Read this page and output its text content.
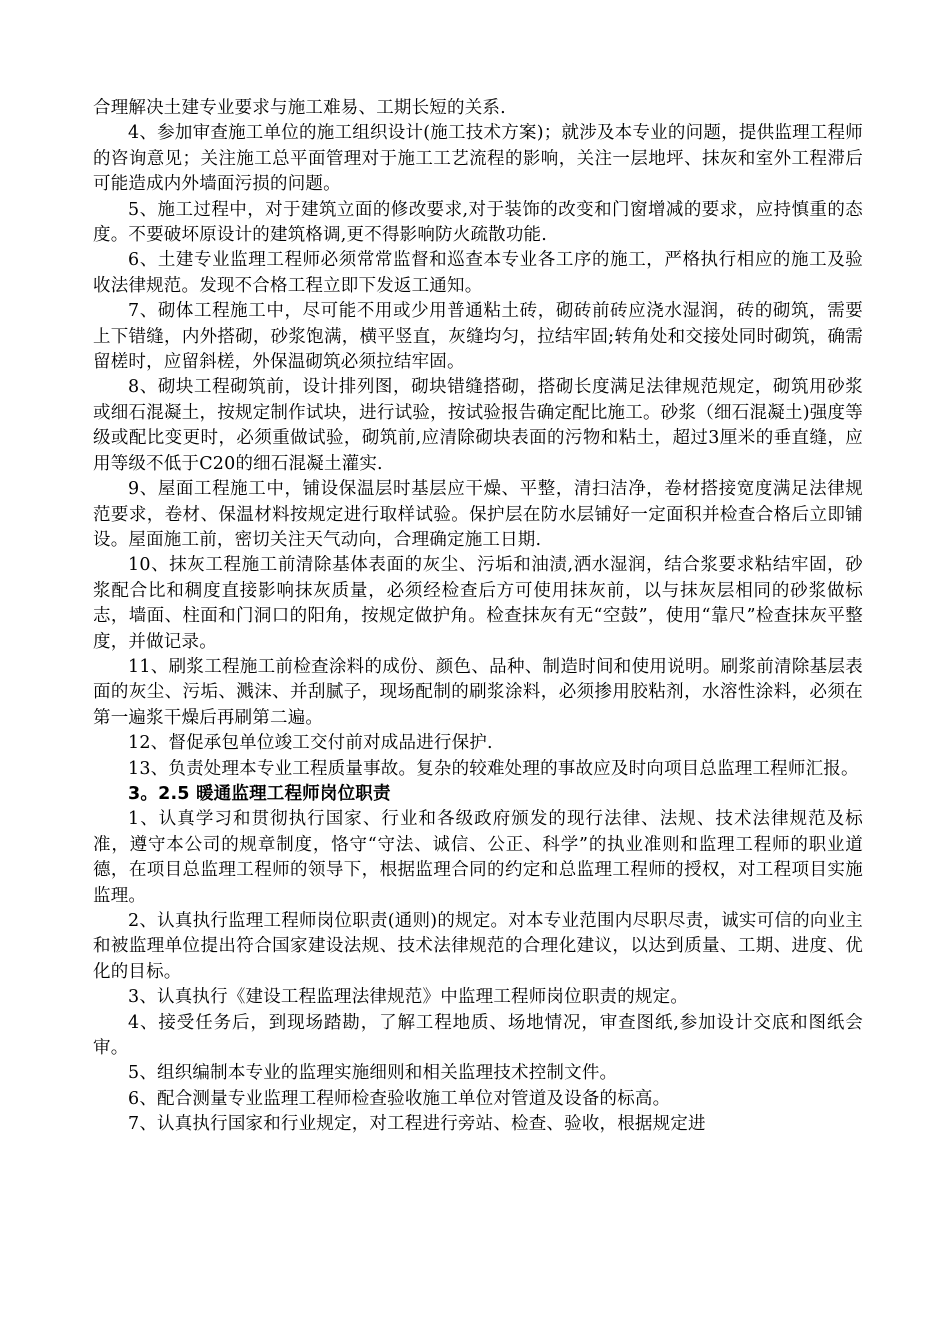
合理解决土建专业要求与施工难易、工期长短的关系.

4、参加审查施工单位的施工组织设计(施工技术方案)；就涉及本专业的问题，提供监理工程师的咨询意见；关注施工总平面管理对于施工工艺流程的影响，关注一层地坪、抹灰和室外工程滞后可能造成内外墙面污损的问题。

5、施工过程中，对于建筑立面的修改要求,对于装饰的改变和门窗增减的要求，应持慎重的态度。不要破坏原设计的建筑格调,更不得影响防火疏散功能.

6、土建专业监理工程师必须常常监督和巡查本专业各工序的施工，严格执行相应的施工及验收法律规范。发现不合格工程立即下发返工通知。

7、砌体工程施工中，尽可能不用或少用普通粘土砖，砌砖前砖应浇水湿润，砖的砌筑，需要上下错缝，内外搭砌，砂浆饱满，横平竖直，灰缝均匀，拉结牢固;转角处和交接处同时砌筑，确需留槎时，应留斜槎，外保温砌筑必须拉结牢固。

8、砌块工程砌筑前，设计排列图，砌块错缝搭砌，搭砌长度满足法律规范规定，砌筑用砂浆或细石混凝土，按规定制作试块，进行试验，按试验报告确定配比施工。砂浆（细石混凝土)强度等级或配比变更时，必须重做试验，砌筑前,应清除砌块表面的污物和粘土，超过3厘米的垂直缝，应用等级不低于C20的细石混凝土灌实.

9、屋面工程施工中，铺设保温层时基层应干燥、平整，清扫洁净，卷材搭接宽度满足法律规范要求，卷材、保温材料按规定进行取样试验。保护层在防水层铺好一定面积并检查合格后立即铺设。屋面施工前，密切关注天气动向，合理确定施工日期.

10、抹灰工程施工前清除基体表面的灰尘、污垢和油渍,洒水湿润，结合浆要求粘结牢固，砂浆配合比和稠度直接影响抹灰质量，必须经检查后方可使用抹灰前，以与抹灰层相同的砂浆做标志，墙面、柱面和门洞口的阳角，按规定做护角。检查抹灰有无“空鼓”，使用“靠尺”检查抹灰平整度，并做记录。

11、刷浆工程施工前检查涂料的成份、颜色、品种、制造时间和使用说明。刷浆前清除基层表面的灰尘、污垢、溅沫、并刮腻子，现场配制的刷浆涂料，必须掺用胶粘剂，水溶性涂料，必须在第一遍浆干燥后再刷第二遍。

12、督促承包单位竣工交付前对成品进行保护.

13、负责处理本专业工程质量事故。复杂的较难处理的事故应及时向项目总监理工程师汇报。

3。2.5 暖通监理工程师岗位职责

1、认真学习和贯彻执行国家、行业和各级政府颁发的现行法律、法规、技术法律规范及标准，遵守本公司的规章制度，恪守“守法、诚信、公正、科学”的执业准则和监理工程师的职业道德，在项目总监理工程师的领导下，根据监理合同的约定和总监理工程师的授权，对工程项目实施监理。

2、认真执行监理工程师岗位职责(通则)的规定。对本专业范围内尽职尽责，诚实可信的向业主和被监理单位提出符合国家建设法规、技术法律规范的合理化建议，以达到质量、工期、进度、优化的目标。

3、认真执行《建设工程监理法律规范》中监理工程师岗位职责的规定。

4、接受任务后，到现场踏勘，了解工程地质、场地情况，审查图纸,参加设计交底和图纸会审。

5、组织编制本专业的监理实施细则和相关监理技术控制文件。

6、配合测量专业监理工程师检查验收施工单位对管道及设备的标高。

7、认真执行国家和行业规定，对工程进行旁站、检查、验收，根据规定进
